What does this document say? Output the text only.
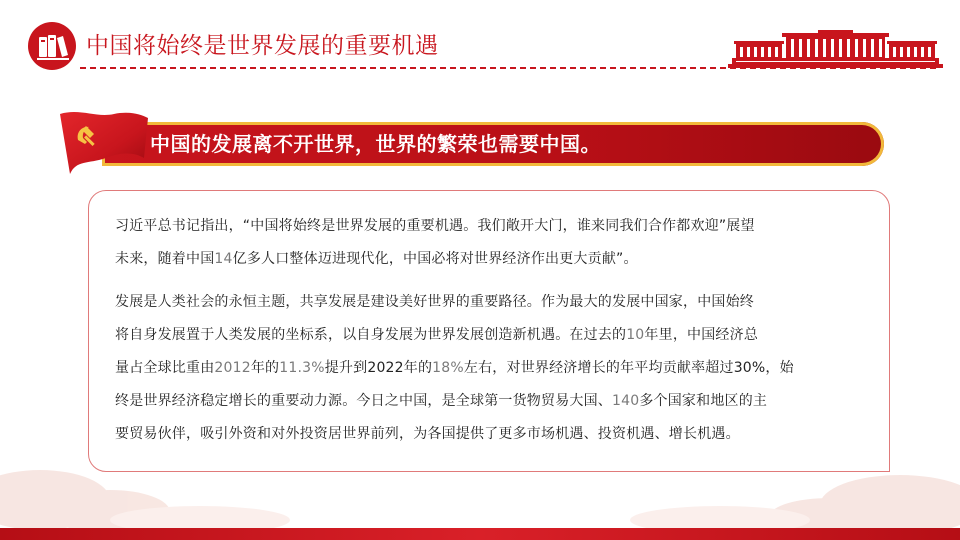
中国将始终是世界发展的重要机遇
中国的发展离不开世界，世界的繁荣也需要中国。

习近平总书记指出，“中国将始终是世界发展的重要机遇。我们敞开大门，谁来同我们合作都欢迎”展望
未来，随着中国14亿多人口整体迈进现代化，中国必将对世界经济作出更大贡献”。

发展是人类社会的永恒主题，共享发展是建设美好世界的重要路径。作为最大的发展中国家，中国始终
将自身发展置于人类发展的坐标系，以自身发展为世界发展创造新机遇。在过去的10年里，中国经济总
量占全球比重由2012年的11.3%提升到2022年的18%左右，对世界经济增长的年平均贡献率超过30%，始
终是世界经济稳定增长的重要动力源。今日之中国，是全球第一货物贸易大国、140多个国家和地区的主
要贸易伙伴，吸引外资和对外投资居世界前列，为各国提供了更多市场机遇、投资机遇、增长机遇。
